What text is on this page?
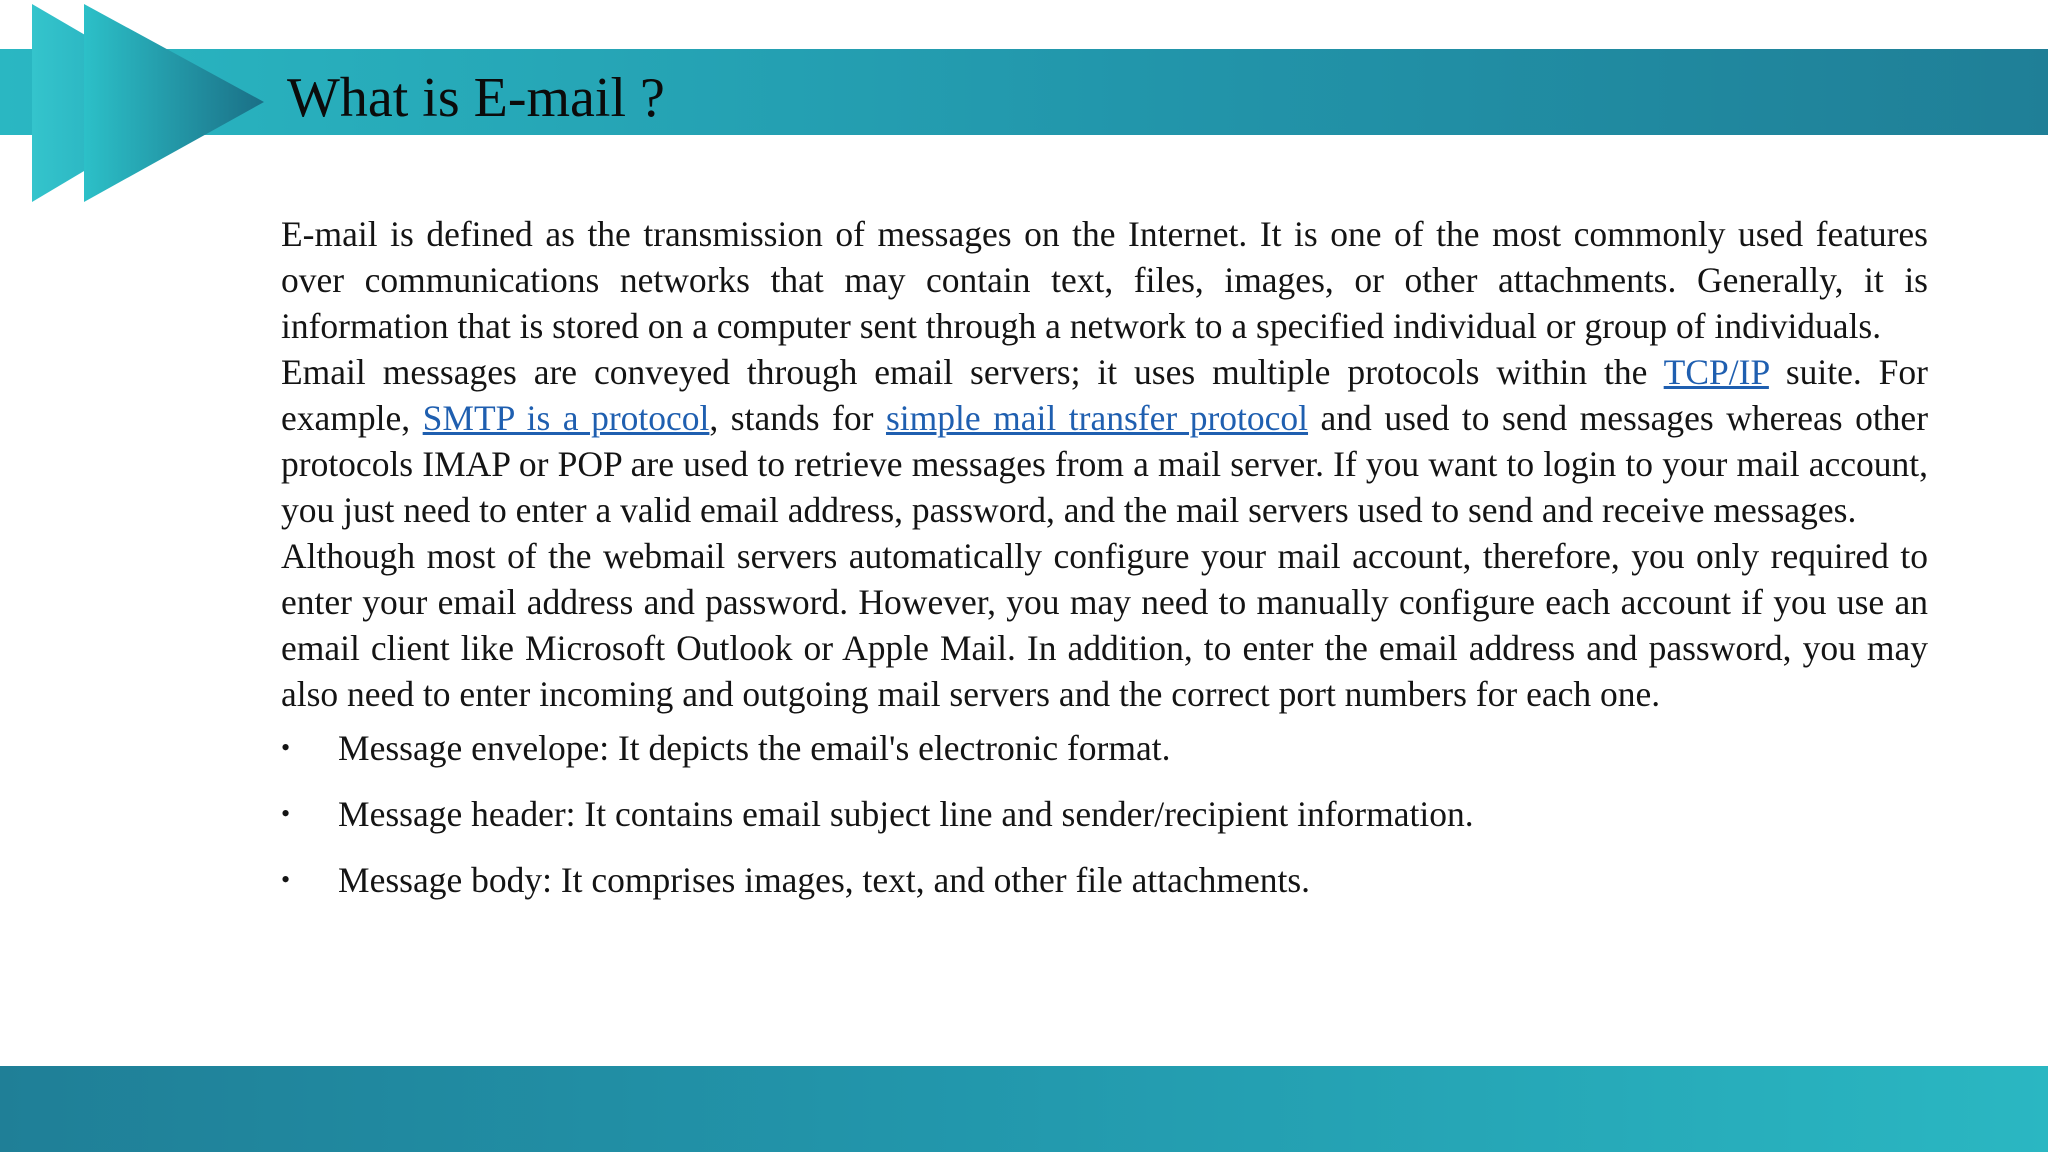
What is E-mail ?

E-mail is defined as the transmission of messages on the Internet. It is one of the most commonly used features over communications networks that may contain text, files, images, or other attachments. Generally, it is information that is stored on a computer sent through a network to a specified individual or group of individuals.

Email messages are conveyed through email servers; it uses multiple protocols within the TCP/IP suite. For example, SMTP is a protocol, stands for simple mail transfer protocol and used to send messages whereas other protocols IMAP or POP are used to retrieve messages from a mail server. If you want to login to your mail account, you just need to enter a valid email address, password, and the mail servers used to send and receive messages.

Although most of the webmail servers automatically configure your mail account, therefore, you only required to enter your email address and password. However, you may need to manually configure each account if you use an email client like Microsoft Outlook or Apple Mail. In addition, to enter the email address and password, you may also need to enter incoming and outgoing mail servers and the correct port numbers for each one.

• Message envelope: It depicts the email's electronic format.
• Message header: It contains email subject line and sender/recipient information.
• Message body: It comprises images, text, and other file attachments.
